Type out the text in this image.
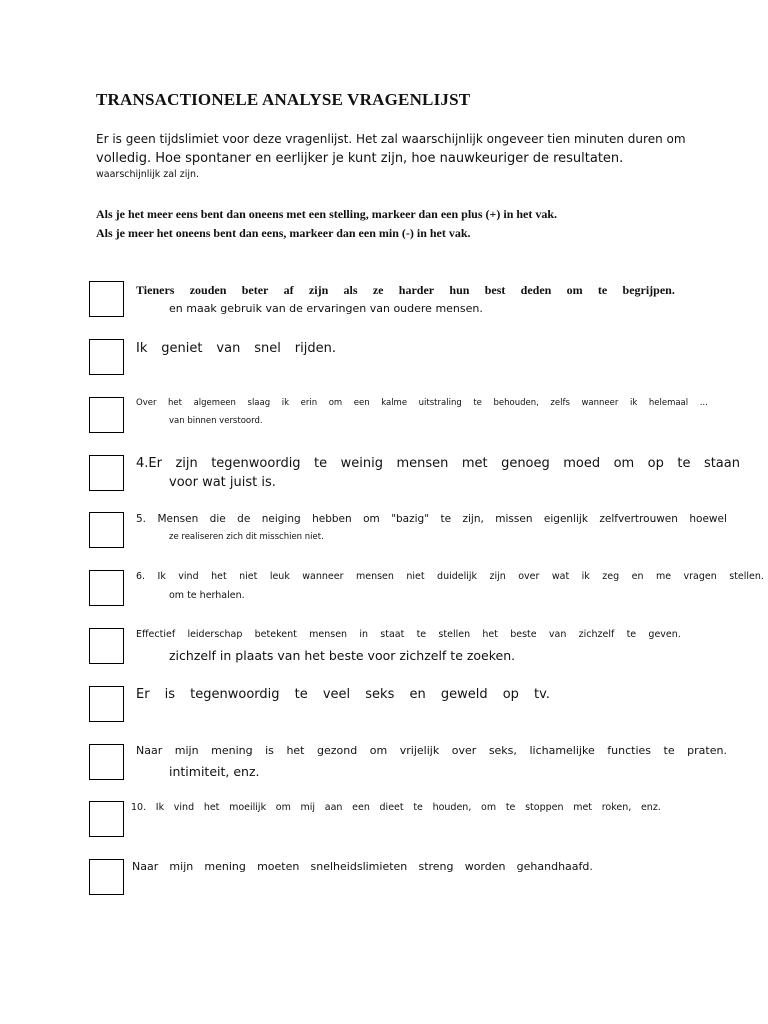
TRANSACTIONELE ANALYSE VRAGENLIJST
Er is geen tijdslimiet voor deze vragenlijst. Het zal waarschijnlijk ongeveer tien minuten duren om
volledig. Hoe spontaner en eerlijker je kunt zijn, hoe nauwkeuriger de resultaten.
waarschijnlijk zal zijn.
Als je het meer eens bent dan oneens met een stelling, markeer dan een plus (+) in het vak.
Als je meer het oneens bent dan eens, markeer dan een min (-) in het vak.
Tieners zouden beter af zijn als ze harder hun best deden om te begrijpen.
en maak gebruik van de ervaringen van oudere mensen.
Ik geniet van snel rijden.
Over het algemeen slaag ik erin om een kalme uitstraling te behouden, zelfs wanneer ik helemaal ...
van binnen verstoord.
4.Er zijn tegenwoordig te weinig mensen met genoeg moed om op te staan
voor wat juist is.
5. Mensen die de neiging hebben om "bazig" te zijn, missen eigenlijk zelfvertrouwen hoewel
ze realiseren zich dit misschien niet.
6. Ik vind het niet leuk wanneer mensen niet duidelijk zijn over wat ik zeg en me vragen stellen.
om te herhalen.
Effectief leiderschap betekent mensen in staat te stellen het beste van zichzelf te geven.
zichzelf in plaats van het beste voor zichzelf te zoeken.
Er is tegenwoordig te veel seks en geweld op tv.
Naar mijn mening is het gezond om vrijelijk over seks, lichamelijke functies te praten.
intimiteit, enz.
10. Ik vind het moeilijk om mij aan een dieet te houden, om te stoppen met roken, enz.
Naar mijn mening moeten snelheidslimieten streng worden gehandhaafd.
